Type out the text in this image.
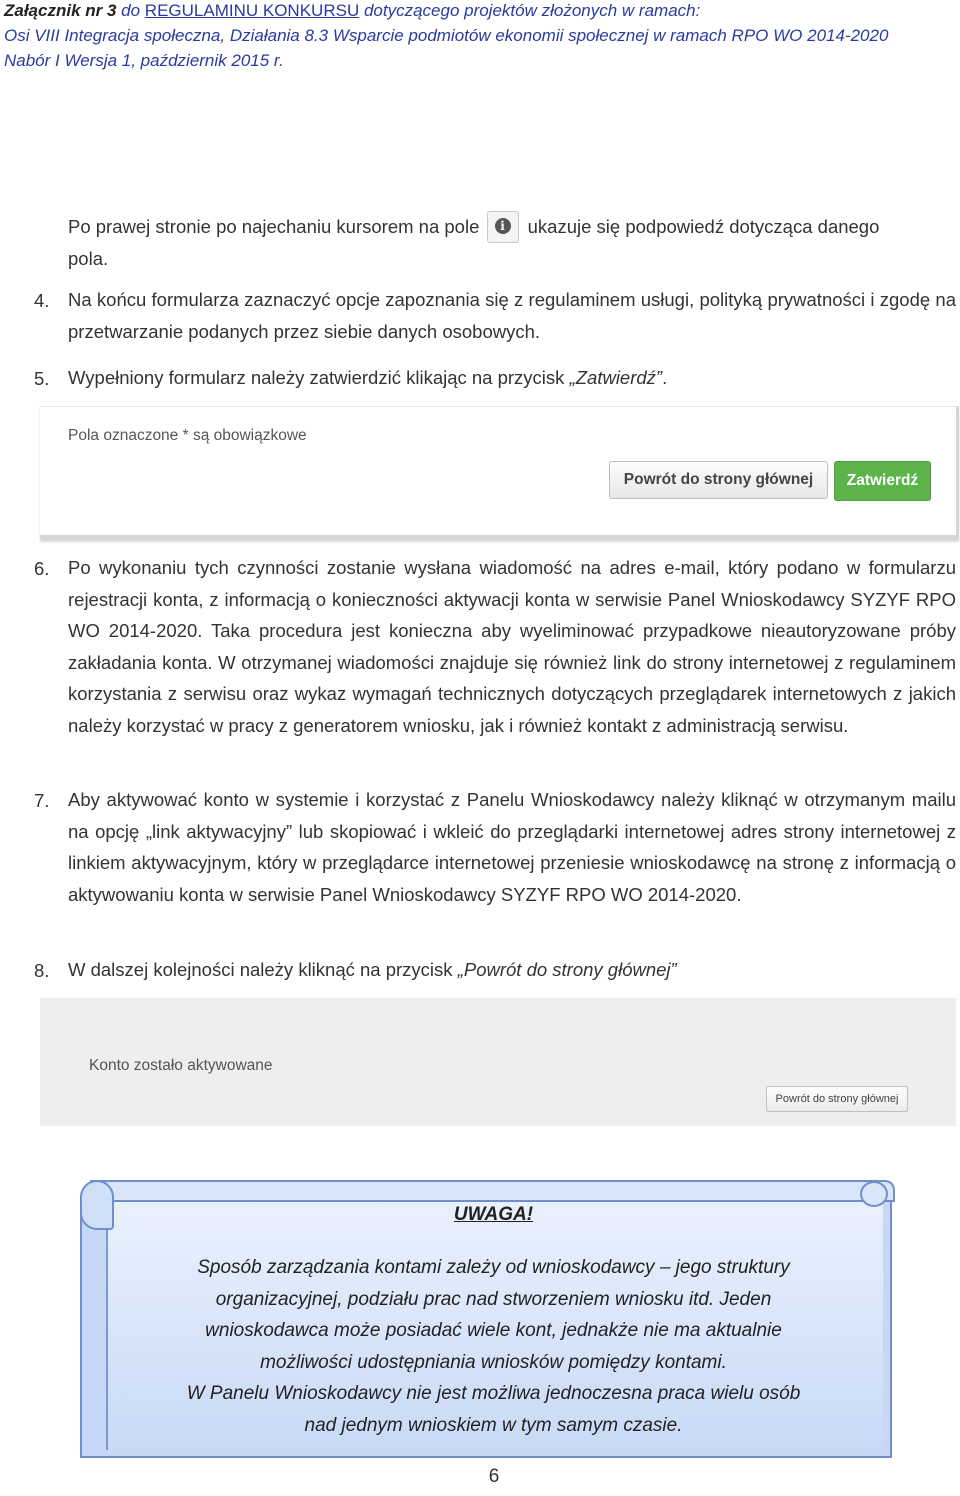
Załącznik nr 3 do REGULAMINU KONKURSU dotyczącego projektów złożonych w ramach:
Osi VIII Integracja społeczna, Działania 8.3 Wsparcie podmiotów ekonomii społecznej w ramach RPO WO 2014-2020
Nabór I Wersja 1, październik 2015 r.
Po prawej stronie po najechaniu kursorem na pole	i	ukazuje się podpowiedź dotycząca danego
pola.
4. Na końcu formularza zaznaczyć opcje zapoznania się z regulaminem usługi, polityką prywatności i zgodę na przetwarzanie podanych przez siebie danych osobowych.
5. Wypełniony formularz należy zatwierdzić klikając na przycisk „Zatwierdź”.
Pola oznaczone * są obowiązkowe
Powrót do strony głównej	Zatwierdź
6. Po wykonaniu tych czynności zostanie wysłana wiadomość na adres e-mail, który podano w formularzu rejestracji konta, z informacją o konieczności aktywacji konta w serwisie Panel Wnioskodawcy SYZYF RPO WO 2014-2020. Taka procedura jest konieczna aby wyeliminować przypadkowe nieautoryzowane próby zakładania konta. W otrzymanej wiadomości znajduje się również link do strony internetowej z regulaminem korzystania z serwisu oraz wykaz wymagań technicznych dotyczących przeglądarek internetowych z jakich należy korzystać w pracy z generatorem wniosku, jak i również kontakt z administracją serwisu.
7. Aby aktywować konto w systemie i korzystać z Panelu Wnioskodawcy należy kliknąć w otrzymanym mailu na opcję „link aktywacyjny” lub skopiować i wkleić do przeglądarki internetowej adres strony internetowej z linkiem aktywacyjnym, który w przeglądarce internetowej przeniesie wnioskodawcę na stronę z informacją o aktywowaniu konta w serwisie Panel Wnioskodawcy SYZYF RPO WO 2014-2020.
8. W dalszej kolejności należy kliknąć na przycisk „Powrót do strony głównej”
Konto zostało aktywowane
Powrót do strony głównej
UWAGA!
Sposób zarządzania kontami zależy od wnioskodawcy – jego struktury
organizacyjnej, podziału prac nad stworzeniem wniosku itd. Jeden
wnioskodawca może posiadać wiele kont, jednakże nie ma aktualnie
możliwości udostępniania wniosków pomiędzy kontami.
W Panelu Wnioskodawcy nie jest możliwa jednoczesna praca wielu osób
nad jednym wnioskiem w tym samym czasie.
6
